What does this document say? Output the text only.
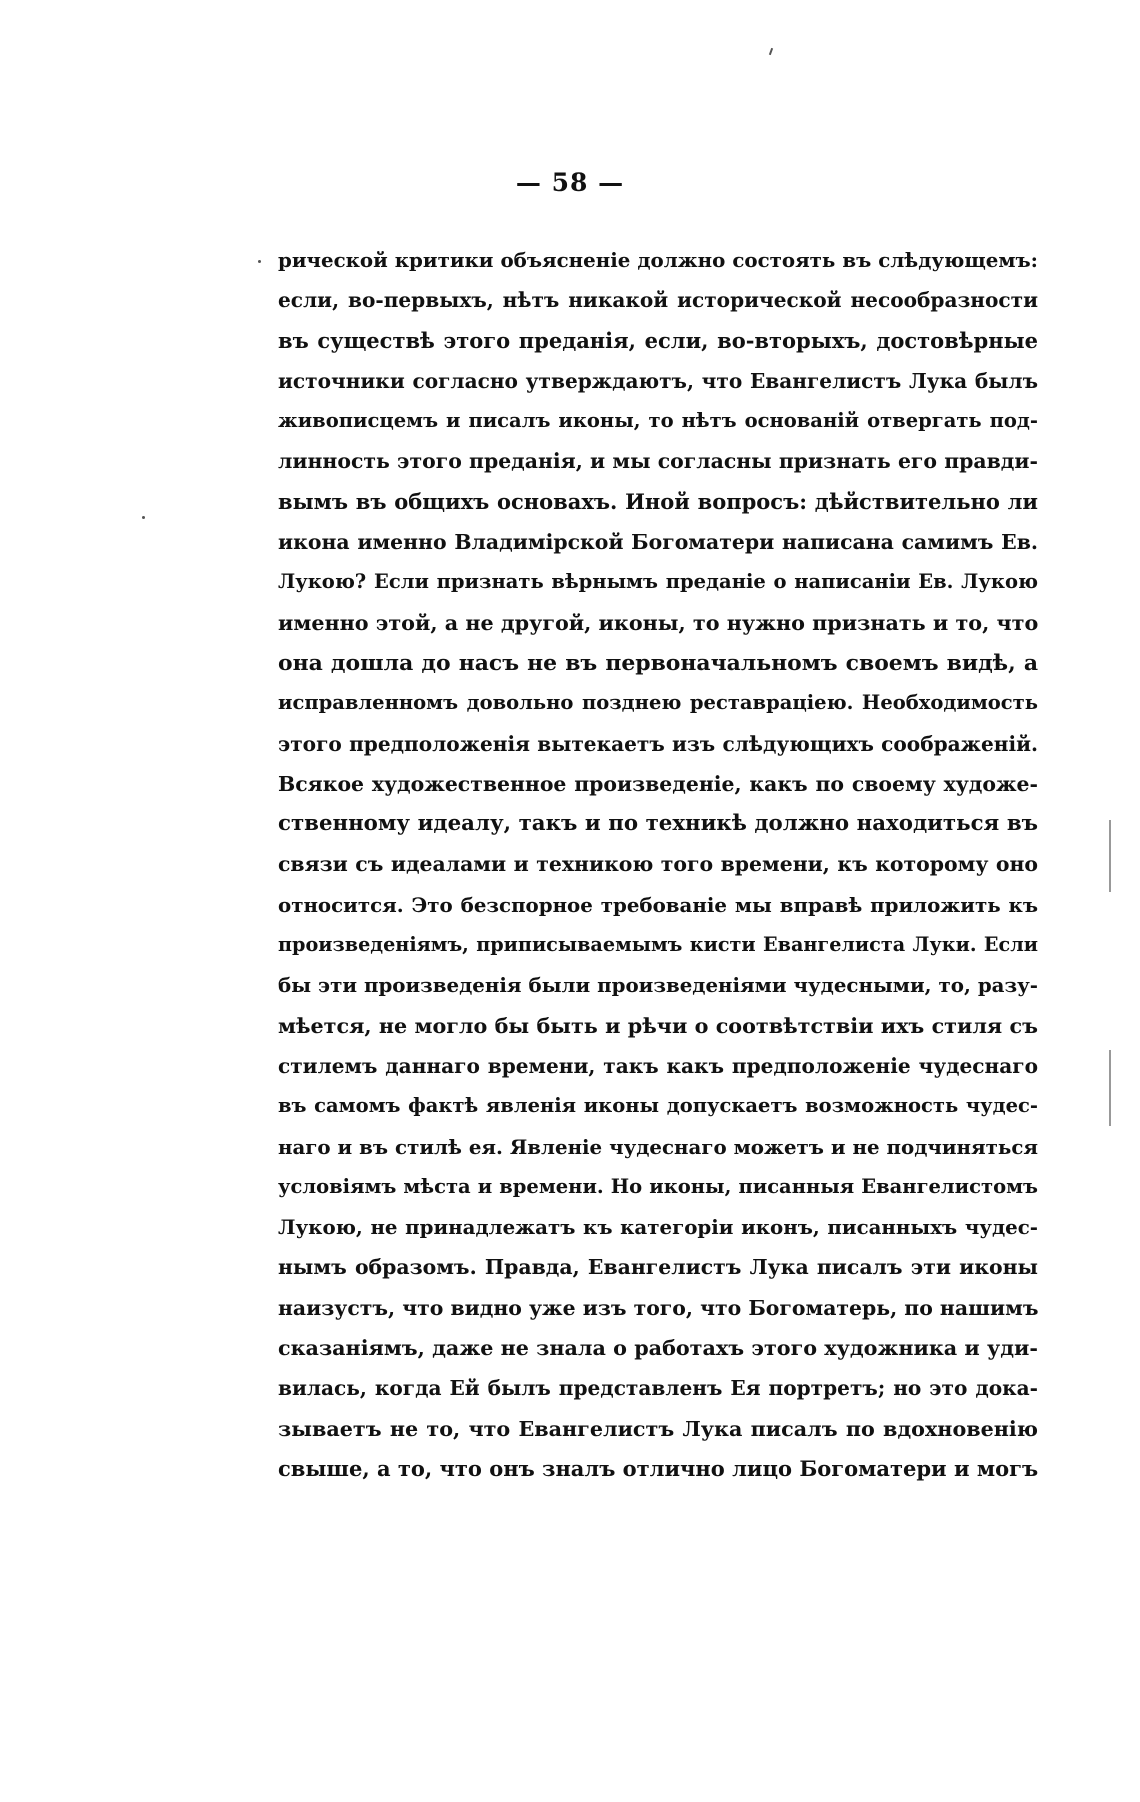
— 58 —
рической критики объясненіе должно состоять въ слѣдующемъ:
если, во-первыхъ, нѣтъ никакой исторической несообразности
въ существѣ этого преданія, если, во-вторыхъ, достовѣрные
источники согласно утверждаютъ, что Евангелистъ Лука былъ
живописцемъ и писалъ иконы, то нѣтъ основаній отвергать под-
линность этого преданія, и мы согласны признать его правди-
вымъ въ общихъ основахъ. Иной вопросъ: дѣйствительно ли
икона именно Владимірской Богоматери написана самимъ Ев.
Лукою? Если признать вѣрнымъ преданіе о написаніи Ев. Лукою
именно этой, а не другой, иконы, то нужно признать и то, что
она дошла до насъ не въ первоначальномъ своемъ видѣ, а
исправленномъ довольно позднею реставраціею. Необходимость
этого предположенія вытекаетъ изъ слѣдующихъ соображеній.
Всякое художественное произведеніе, какъ по своему художе-
ственному идеалу, такъ и по техникѣ должно находиться въ
связи съ идеалами и техникою того времени, къ которому оно
относится. Это безспорное требованіе мы вправѣ приложить къ
произведеніямъ, приписываемымъ кисти Евангелиста Луки. Если
бы эти произведенія были произведеніями чудесными, то, разу-
мѣется, не могло бы быть и рѣчи о соотвѣтствіи ихъ стиля съ
стилемъ даннаго времени, такъ какъ предположеніе чудеснаго
въ самомъ фактѣ явленія иконы допускаетъ возможность чудес-
наго и въ стилѣ ея. Явленіе чудеснаго можетъ и не подчиняться
условіямъ мѣста и времени. Но иконы, писанныя Евангелистомъ
Лукою, не принадлежатъ къ категоріи иконъ, писанныхъ чудес-
нымъ образомъ. Правда, Евангелистъ Лука писалъ эти иконы
наизустъ, что видно уже изъ того, что Богоматерь, по нашимъ
сказаніямъ, даже не знала о работахъ этого художника и уди-
вилась, когда Ей былъ представленъ Ея портретъ; но это дока-
зываетъ не то, что Евангелистъ Лука писалъ по вдохновенію
свыше, а то, что онъ зналъ отлично лицо Богоматери и могъ
